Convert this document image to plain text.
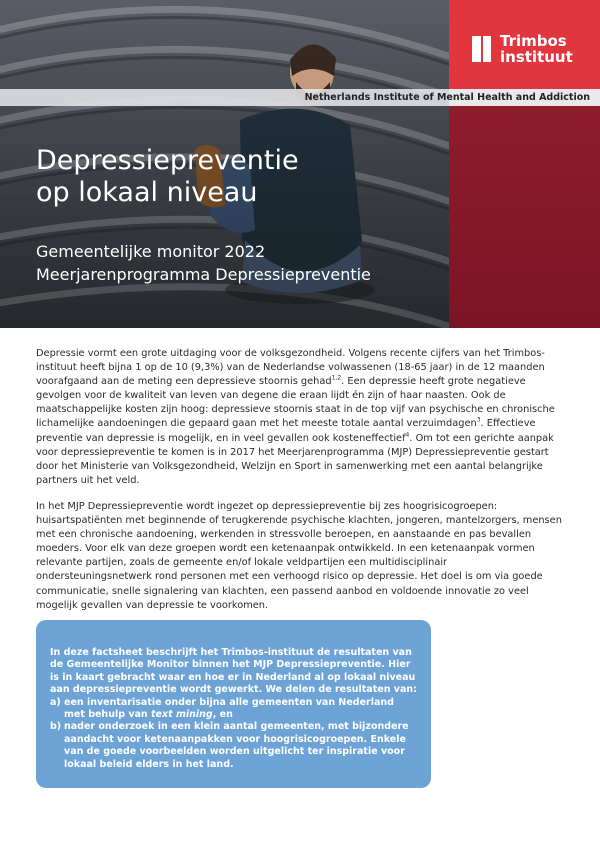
Depressiepreventie
op lokaal niveau
Gemeentelijke monitor 2022
Meerjarenprogramma Depressiepreventie
Trimbos
instituut
Netherlands Institute of Mental Health and Addiction

Depressie vormt een grote uitdaging voor de volksgezondheid. Volgens recente cijfers van het Trimbos-instituut heeft bijna 1 op de 10 (9,3%) van de Nederlandse volwassenen (18-65 jaar) in de 12 maanden voorafgaand aan de meting een depressieve stoornis gehad$^{1,2}$. Een depressie heeft grote negatieve gevolgen voor de kwaliteit van leven van degene die eraan lijdt én zijn of haar naasten. Ook de maatschappelijke kosten zijn hoog: depressieve stoornis staat in de top vijf van psychische en chronische lichamelijke aandoeningen die gepaard gaan met het meeste totale aantal verzuimdagen$^3$. Effectieve preventie van depressie is mogelijk, en in veel gevallen ook kosteneffectief$^4$. Om tot een gerichte aanpak voor depressiepreventie te komen is in 2017 het Meerjarenprogramma (MJP) Depressiepreventie gestart door het Ministerie van Volksgezondheid, Welzijn en Sport in samenwerking met een aantal belangrijke partners uit het veld.

In het MJP Depressiepreventie wordt ingezet op depressiepreventie bij zes hoogrisicogroepen: huisartspatiënten met beginnende of terugkerende psychische klachten, jongeren, mantelzorgers, mensen met een chronische aandoening, werkenden in stressvolle beroepen, en aanstaande en pas bevallen moeders. Voor elk van deze groepen wordt een ketenaanpak ontwikkeld. In een ketenaanpak vormen relevante partijen, zoals de gemeente en/of lokale veldpartijen een multidisciplinair ondersteuningsnetwerk rond personen met een verhoogd risico op depressie. Het doel is om via goede communicatie, snelle signalering van klachten, een passend aanbod en voldoende innovatie zo veel mogelijk gevallen van depressie te voorkomen.

In deze factsheet beschrijft het Trimbos-instituut de resultaten van de Gemeentelijke Monitor binnen het MJP Depressiepreventie. Hier is in kaart gebracht waar en hoe er in Nederland al op lokaal niveau aan depressiepreventie wordt gewerkt. We delen de resultaten van:

a) een inventarisatie onder bijna alle gemeenten van Nederland met behulp van text mining, en
b) nader onderzoek in een klein aantal gemeenten, met bijzondere aandacht voor ketenaanpakken voor hoogrisicogroepen. Enkele van de goede voorbeelden worden uitgelicht ter inspiratie voor lokaal beleid elders in het land.
